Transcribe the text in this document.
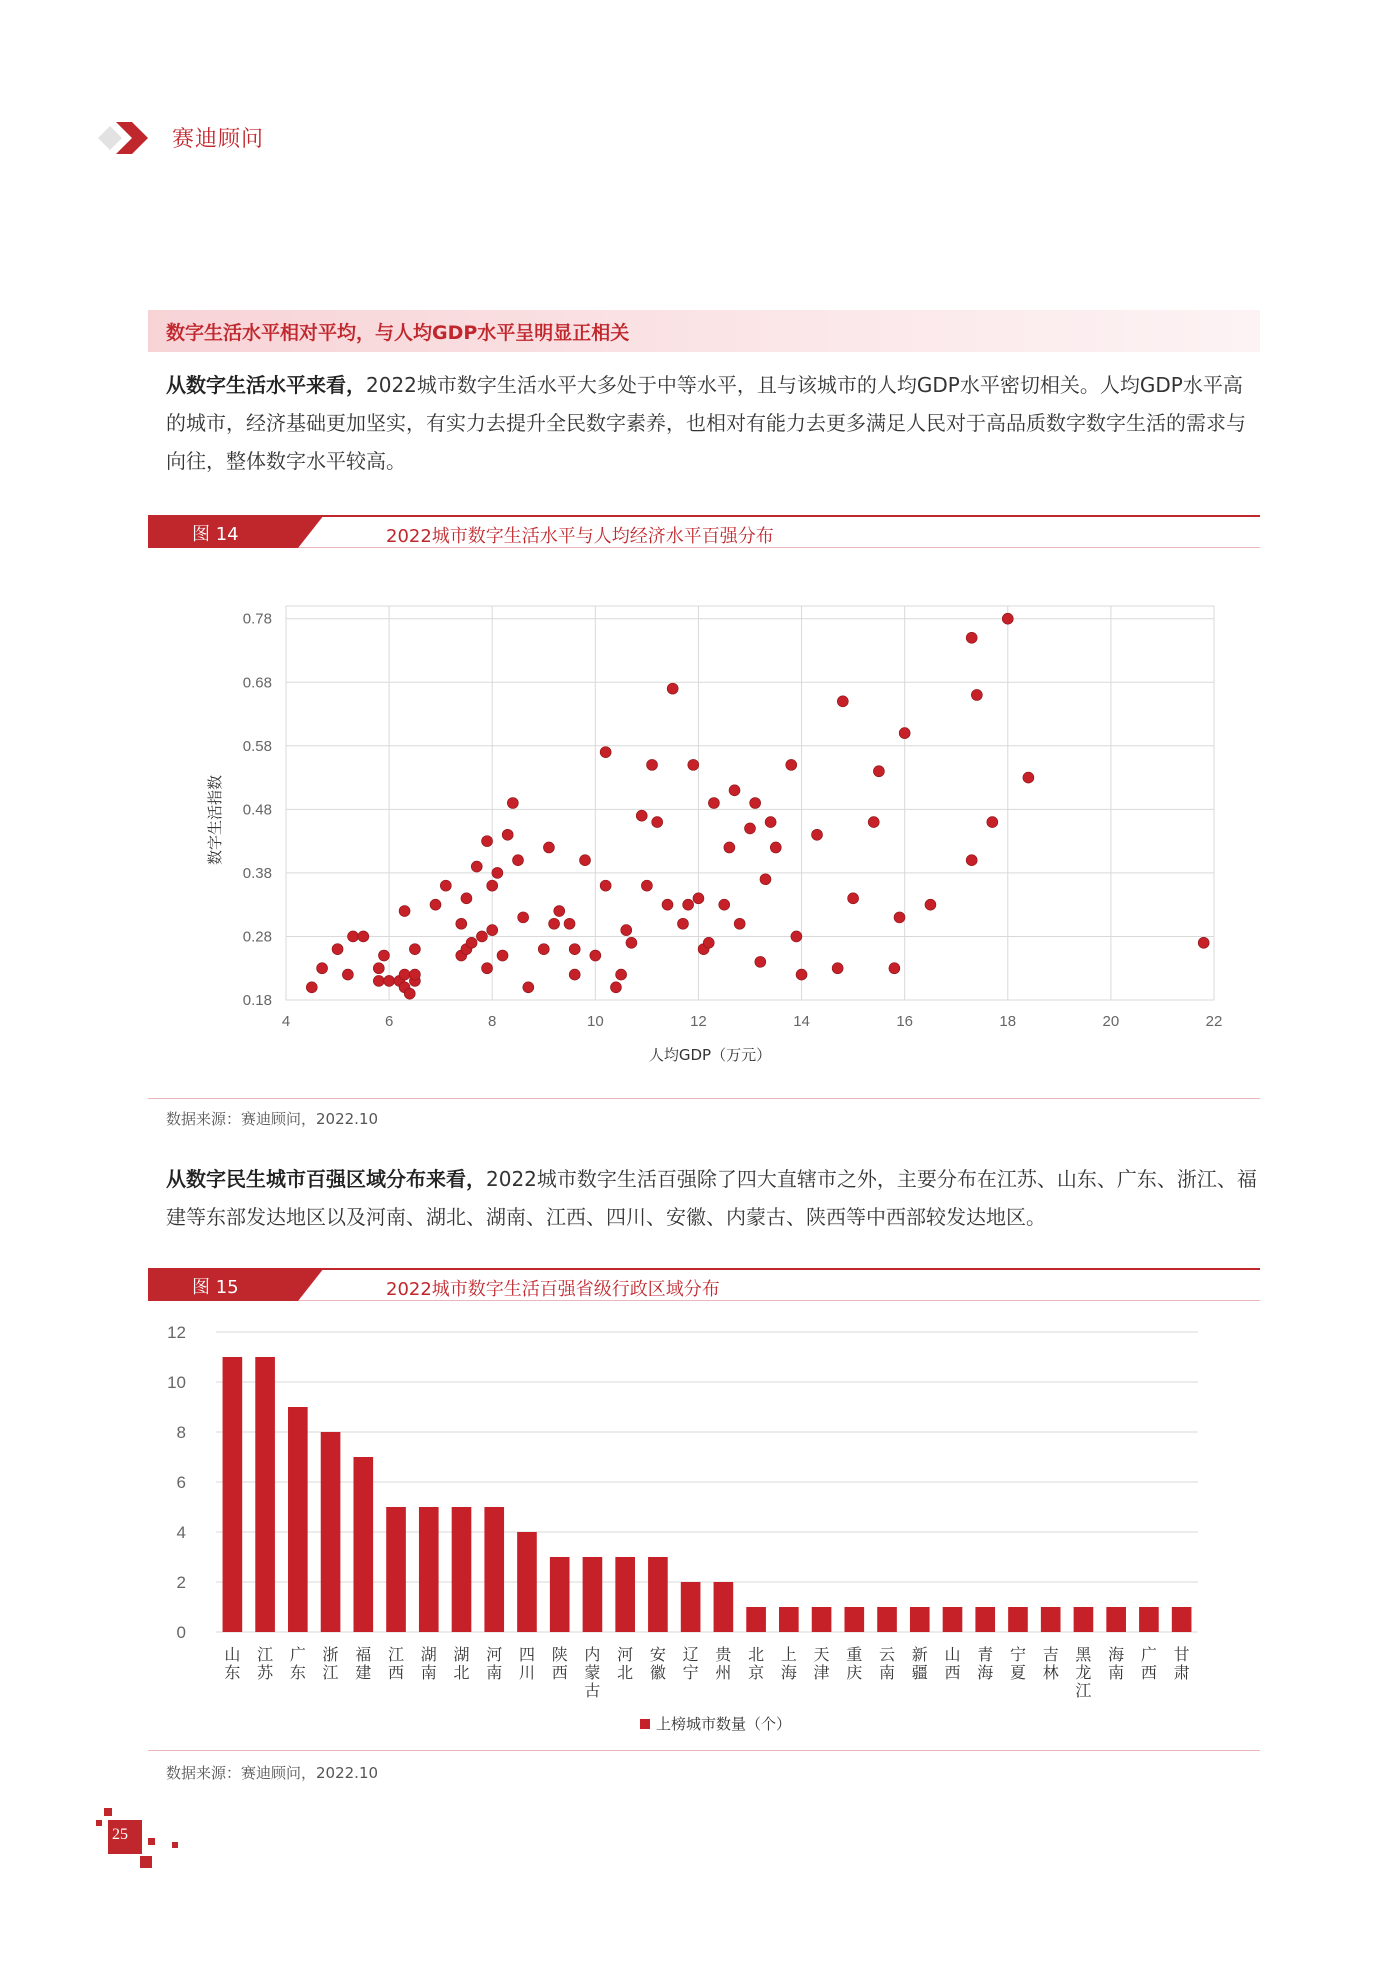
赛迪顾问
数字生活水平相对平均，与人均GDP水平呈明显正相关

从数字生活水平来看，2022城市数字生活水平大多处于中等水平，且与该城市的人均GDP水平密切相关。人均GDP水平高的城市，经济基础更加坚实，有实力去提升全民数字素养，也相对有能力去更多满足人民对于高品质数字数字生活的需求与向往，整体数字水平较高。

图 14	2022城市数字生活水平与人均经济水平百强分布
0.18
0.28
0.38
0.48
0.58
0.68
0.78
4	6	8	10	12	14	16	18	20	22
人均GDP（万元）
数字生活指数
数据来源：赛迪顾问，2022.10

从数字民生城市百强区域分布来看，2022城市数字生活百强除了四大直辖市之外，主要分布在江苏、山东、广东、浙江、福建等东部发达地区以及河南、湖北、湖南、江西、四川、安徽、内蒙古、陕西等中西部较发达地区。

图 15	2022城市数字生活百强省级行政区域分布
0
2
4
6
8
10
12
山东
江苏
广东
浙江
福建
江西
湖南
湖北
河南
四川
陕西
内蒙古
河北
安徽
辽宁
贵州
北京
上海
天津
重庆
云南
新疆
山西
青海
宁夏
吉林
黑龙江
海南
广西
甘肃
上榜城市数量（个）
数据来源：赛迪顾问，2022.10
25
